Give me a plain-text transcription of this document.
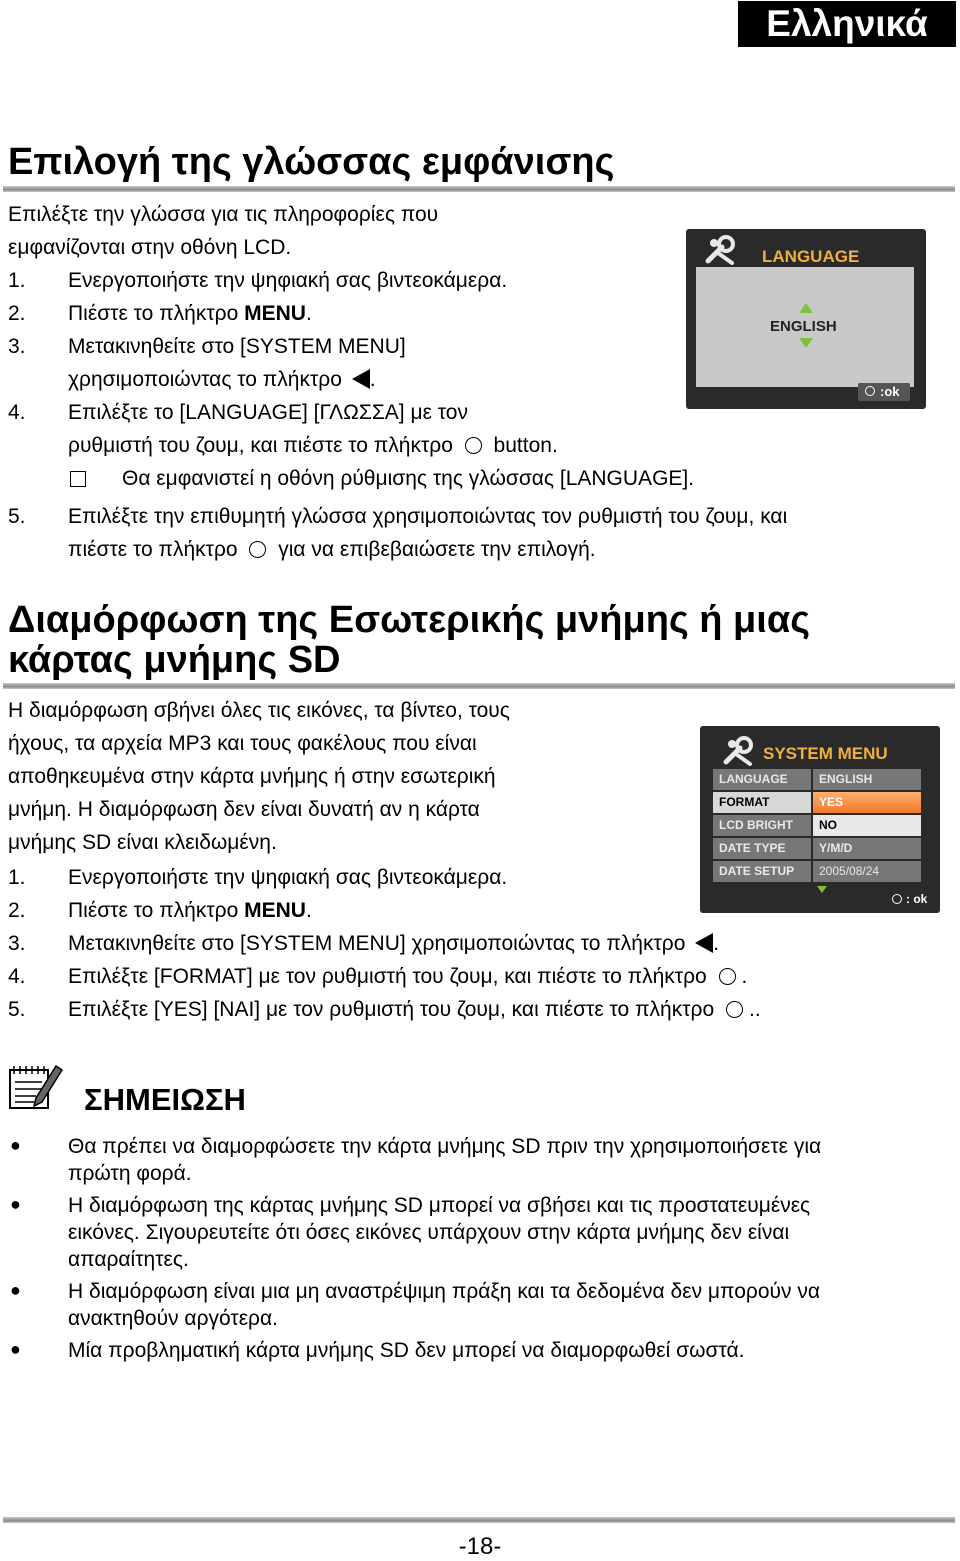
Ελληνικά
Επιλογή της γλώσσας εμφάνισης
Επιλέξτε την γλώσσα για τις πληροφορίες που
εμφανίζονται στην οθόνη LCD.
1. Ενεργοποιήστε την ψηφιακή σας βιντεοκάμερα.
2. Πιέστε το πλήκτρο MENU.
3. Μετακινηθείτε στο [SYSTEM MENU]
χρησιμοποιώντας το πλήκτρο .
4. Επιλέξτε το [LANGUAGE] [ΓΛΩΣΣΑ] με τον
ρυθμιστή του ζουμ, και πιέστε το πλήκτρο  button.
Θα εμφανιστεί η οθόνη ρύθμισης της γλώσσας [LANGUAGE].
5. Επιλέξτε την επιθυμητή γλώσσα χρησιμοποιώντας τον ρυθμιστή του ζουμ, και
πιέστε το πλήκτρο  για να επιβεβαιώσετε την επιλογή.
LANGUAGE
ENGLISH
:ok
Διαμόρφωση της Εσωτερικής μνήμης ή μιας
κάρτας μνήμης SD
Η διαμόρφωση σβήνει όλες τις εικόνες, τα βίντεο, τους
ήχους, τα αρχεία MP3 και τους φακέλους που είναι
αποθηκευμένα στην κάρτα μνήμης ή στην εσωτερική
μνήμη. Η διαμόρφωση δεν είναι δυνατή αν η κάρτα
μνήμης SD είναι κλειδωμένη.
1. Ενεργοποιήστε την ψηφιακή σας βιντεοκάμερα.
2. Πιέστε το πλήκτρο MENU.
3. Μετακινηθείτε στο [SYSTEM MENU] χρησιμοποιώντας το πλήκτρο .
4. Επιλέξτε [FORMAT] με τον ρυθμιστή του ζουμ, και πιέστε το πλήκτρο .
5. Επιλέξτε [YES] [ΝΑΙ] με τον ρυθμιστή του ζουμ, και πιέστε το πλήκτρο ..
SYSTEM MENU
LANGUAGE	ENGLISH
FORMAT	YES
LCD BRIGHT	NO
DATE TYPE	Y/M/D
DATE SETUP	2005/08/24
: ok
ΣΗΜΕΙΩΣΗ
● Θα πρέπει να διαμορφώσετε την κάρτα μνήμης SD πριν την χρησιμοποιήσετε για
πρώτη φορά.
● Η διαμόρφωση της κάρτας μνήμης SD μπορεί να σβήσει και τις προστατευμένες
εικόνες. Σιγουρευτείτε ότι όσες εικόνες υπάρχουν στην κάρτα μνήμης δεν είναι
απαραίτητες.
● Η διαμόρφωση είναι μια μη αναστρέψιμη πράξη και τα δεδομένα δεν μπορούν να
ανακτηθούν αργότερα.
● Μία προβληματική κάρτα μνήμης SD δεν μπορεί να διαμορφωθεί σωστά.
-18-
